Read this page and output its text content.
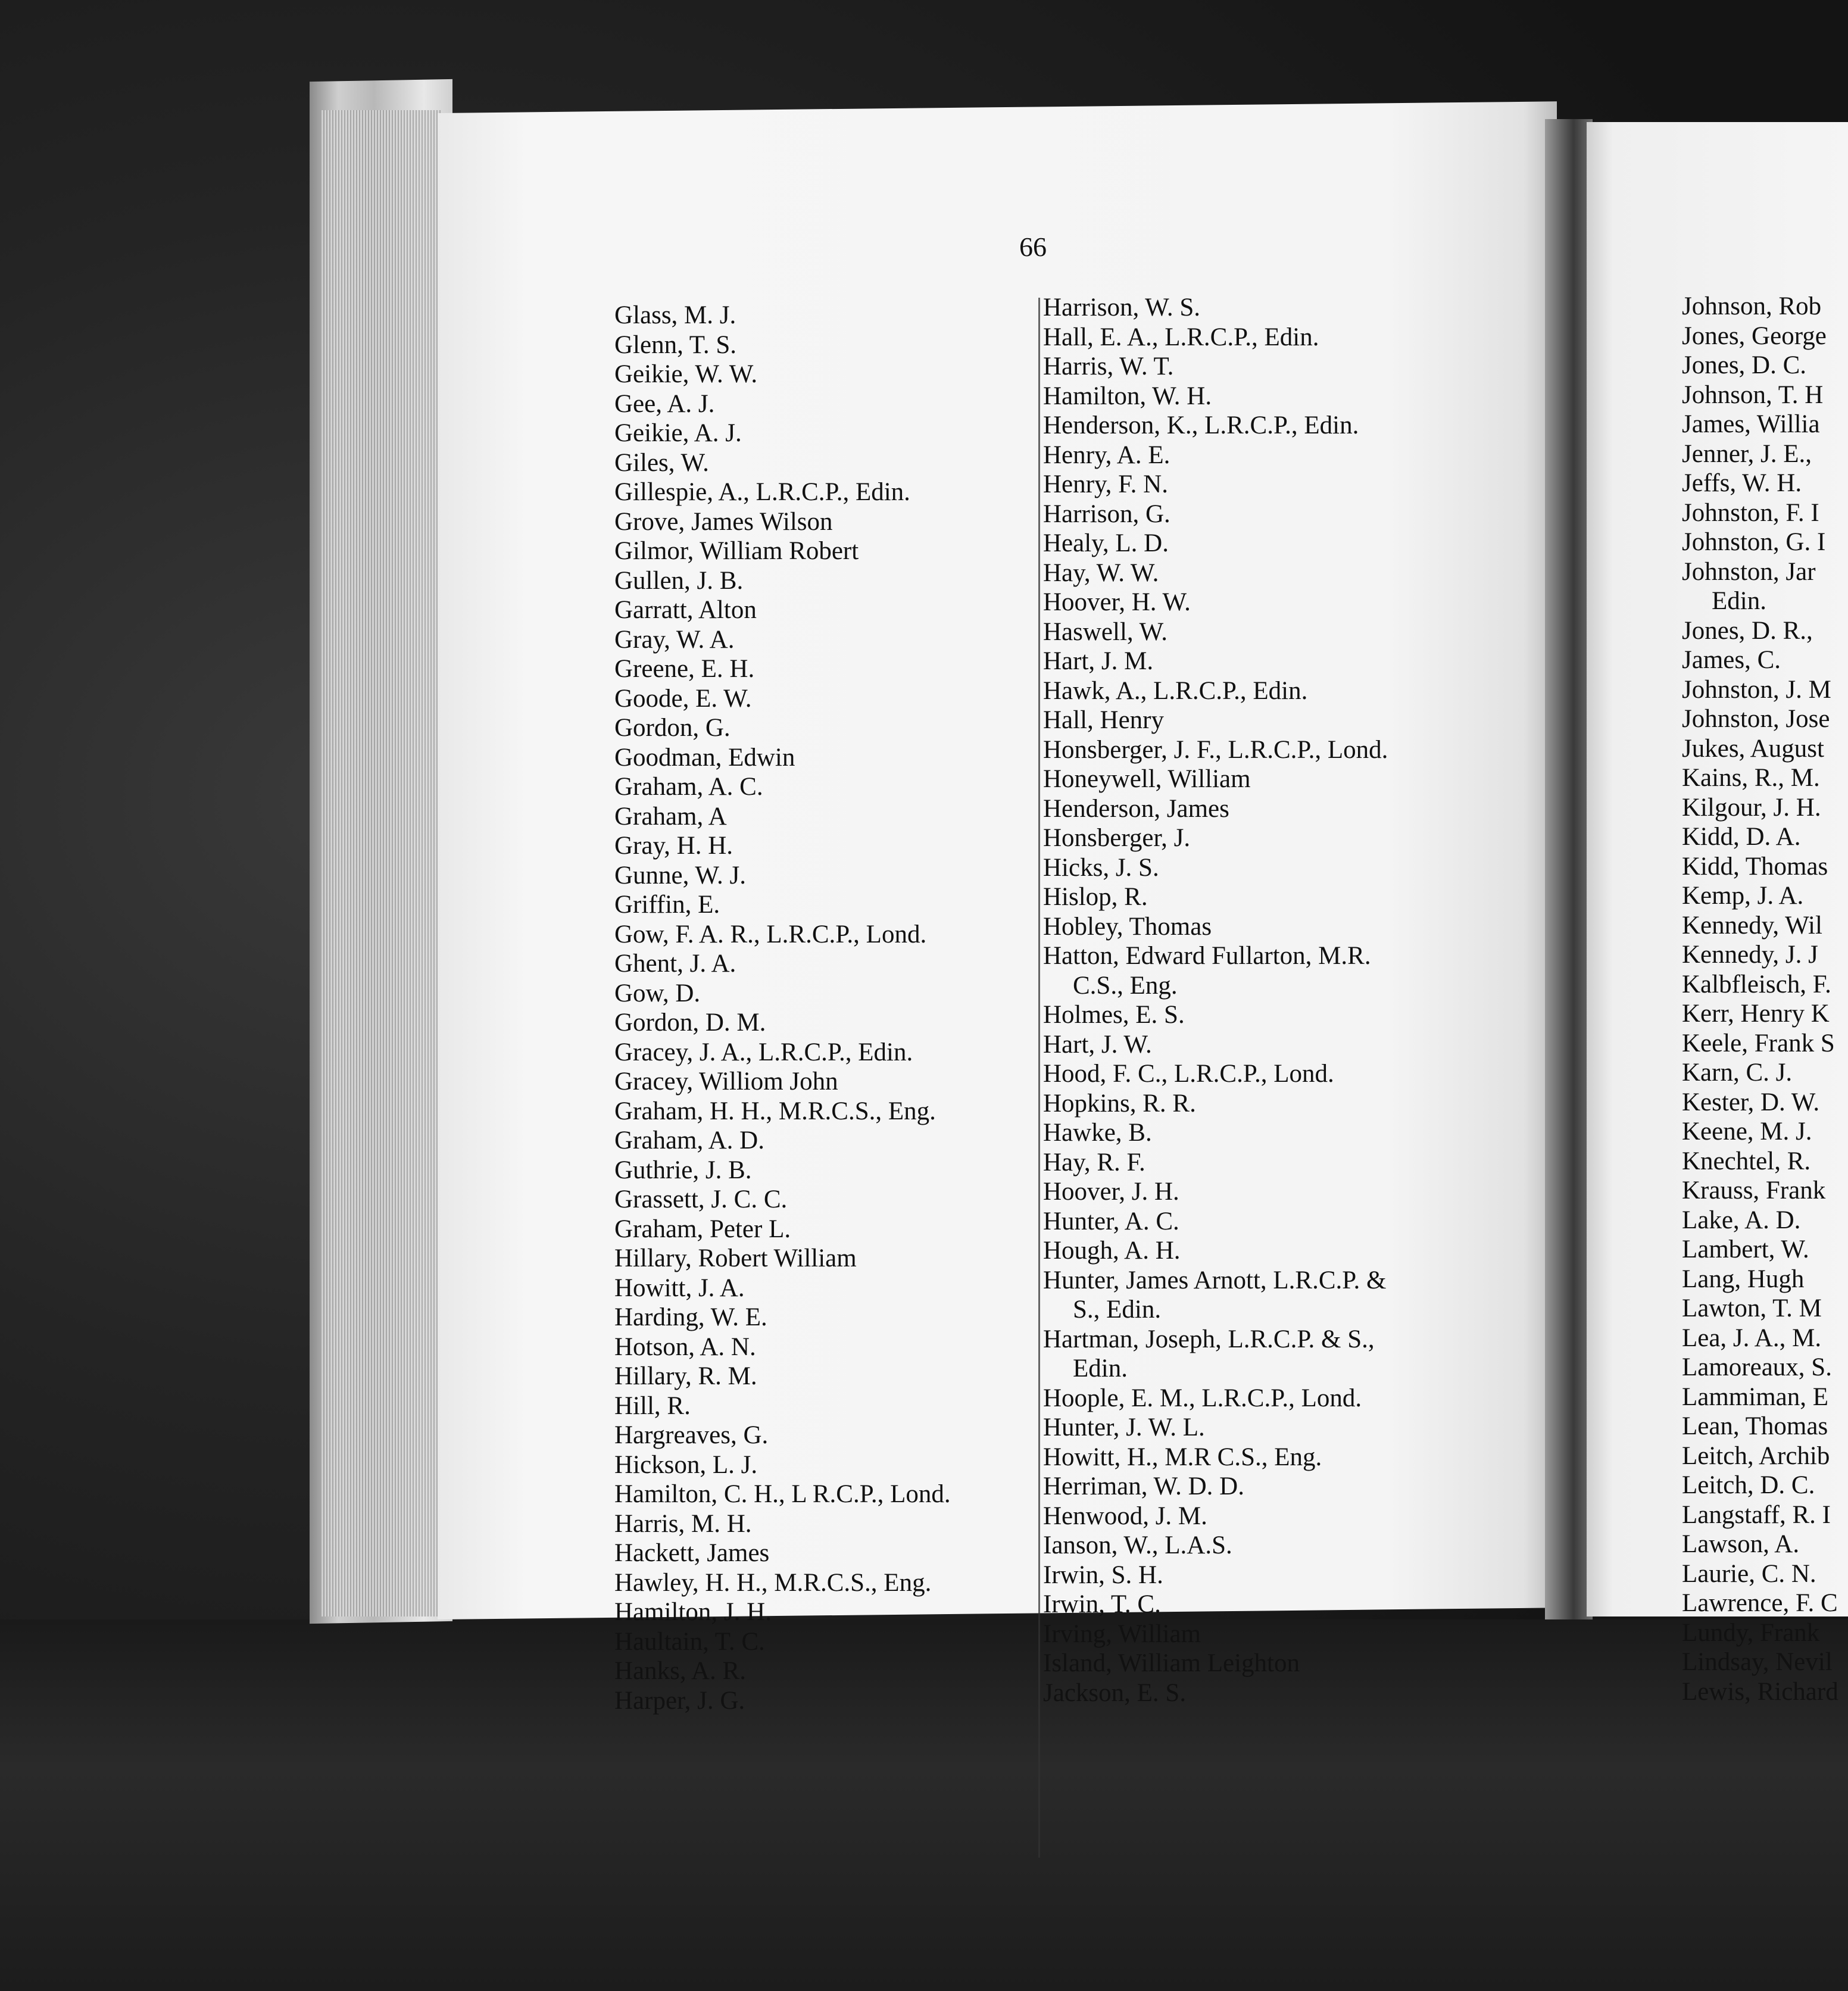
66
Glass, M. J.
Glenn, T. S.
Geikie, W. W.
Gee, A. J.
Geikie, A. J.
Giles, W.
Gillespie, A., L.R.C.P., Edin.
Grove, James Wilson
Gilmor, William Robert
Gullen, J. B.
Garratt, Alton
Gray, W. A.
Greene, E. H.
Goode, E. W.
Gordon, G.
Goodman, Edwin
Graham, A. C.
Graham, A
Gray, H. H.
Gunne, W. J.
Griffin, E.
Gow, F. A. R., L.R.C.P., Lond.
Ghent, J. A.
Gow, D.
Gordon, D. M.
Gracey, J. A., L.R.C.P., Edin.
Gracey, Williom John
Graham, H. H., M.R.C.S., Eng.
Graham, A. D.
Guthrie, J. B.
Grassett, J. C. C.
Graham, Peter L.
Hillary, Robert William
Howitt, J. A.
Harding, W. E.
Hotson, A. N.
Hillary, R. M.
Hill, R.
Hargreaves, G.
Hickson, L. J.
Hamilton, C. H., L R.C.P., Lond.
Harris, M. H.
Hackett, James
Hawley, H. H., M.R.C.S., Eng.
Hamilton, J. H.
Haultain, T. C.
Hanks, A. R.
Harper, J. G.
Harrison, W. S.
Hall, E. A., L.R.C.P., Edin.
Harris, W. T.
Hamilton, W. H.
Henderson, K., L.R.C.P., Edin.
Henry, A. E.
Henry, F. N.
Harrison, G.
Healy, L. D.
Hay, W. W.
Hoover, H. W.
Haswell, W.
Hart, J. M.
Hawk, A., L.R.C.P., Edin.
Hall, Henry
Honsberger, J. F., L.R.C.P., Lond.
Honeywell, William
Henderson, James
Honsberger, J.
Hicks, J. S.
Hislop, R.
Hobley, Thomas
Hatton, Edward Fullarton, M.R.
C.S., Eng.
Holmes, E. S.
Hart, J. W.
Hood, F. C., L.R.C.P., Lond.
Hopkins, R. R.
Hawke, B.
Hay, R. F.
Hoover, J. H.
Hunter, A. C.
Hough, A. H.
Hunter, James Arnott, L.R.C.P. &
S., Edin.
Hartman, Joseph, L.R.C.P. & S.,
Edin.
Hoople, E. M., L.R.C.P., Lond.
Hunter, J. W. L.
Howitt, H., M.R C.S., Eng.
Herriman, W. D. D.
Henwood, J. M.
Ianson, W., L.A.S.
Irwin, S. H.
Irwin, T. C.
Irving, William
Island, William Leighton
Jackson, E. S.
Johnson, Rob
Jones, George
Jones, D. C.
Johnson, T. H
James, Willia
Jenner, J. E.,
Jeffs, W. H.
Johnston, F. I
Johnston, G. I
Johnston, Jar
Edin.
Jones, D. R.,
James, C.
Johnston, J. M
Johnston, Jose
Jukes, August
Kains, R., M.
Kilgour, J. H.
Kidd, D. A.
Kidd, Thomas
Kemp, J. A.
Kennedy, Wil
Kennedy, J. J
Kalbfleisch, F.
Kerr, Henry K
Keele, Frank S
Karn, C. J.
Kester, D. W.
Keene, M. J.
Knechtel, R.
Krauss, Frank
Lake, A. D.
Lambert, W.
Lang, Hugh
Lawton, T. M
Lea, J. A., M.
Lamoreaux, S.
Lammiman, E
Lean, Thomas
Leitch, Archib
Leitch, D. C.
Langstaff, R. I
Lawson, A.
Laurie, C. N.
Lawrence, F. C
Lundy, Frank
Lindsay, Nevil
Lewis, Richard
